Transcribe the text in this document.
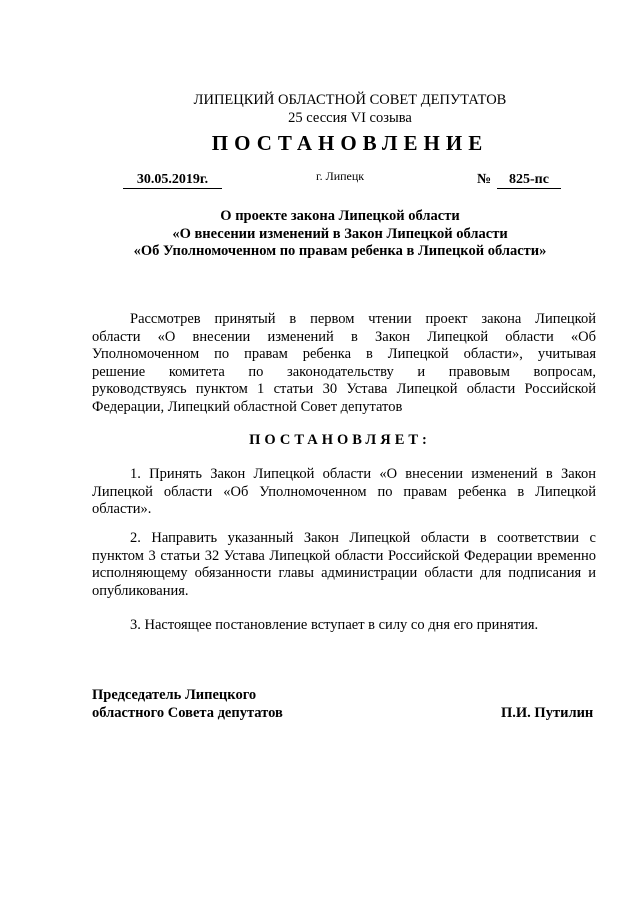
ЛИПЕЦКИЙ ОБЛАСТНОЙ СОВЕТ ДЕПУТАТОВ
25 сессия VI созыва
ПОСТАНОВЛЕНИЕ
30.05.2019г.	г. Липецк	№	825-пс
О проекте закона Липецкой области
«О внесении изменений в Закон Липецкой области
«Об Уполномоченном по правам ребенка в Липецкой области»
Рассмотрев принятый в первом чтении проект закона Липецкой
области «О внесении изменений в Закон Липецкой области «Об
Уполномоченном по правам ребенка в Липецкой области», учитывая
решение комитета по законодательству и правовым вопросам,
руководствуясь пунктом 1 статьи 30 Устава Липецкой области Российской
Федерации, Липецкий областной Совет депутатов
ПОСТАНОВЛЯЕТ:
1. Принять Закон Липецкой области «О внесении изменений в Закон Липецкой области «Об Уполномоченном по правам ребенка в Липецкой области».
2. Направить указанный Закон Липецкой области в соответствии с пунктом 3 статьи 32 Устава Липецкой области Российской Федерации временно исполняющему обязанности главы администрации области для подписания и опубликования.
3. Настоящее постановление вступает в силу со дня его принятия.
Председатель Липецкого
областного Совета депутатов	П.И. Путилин
